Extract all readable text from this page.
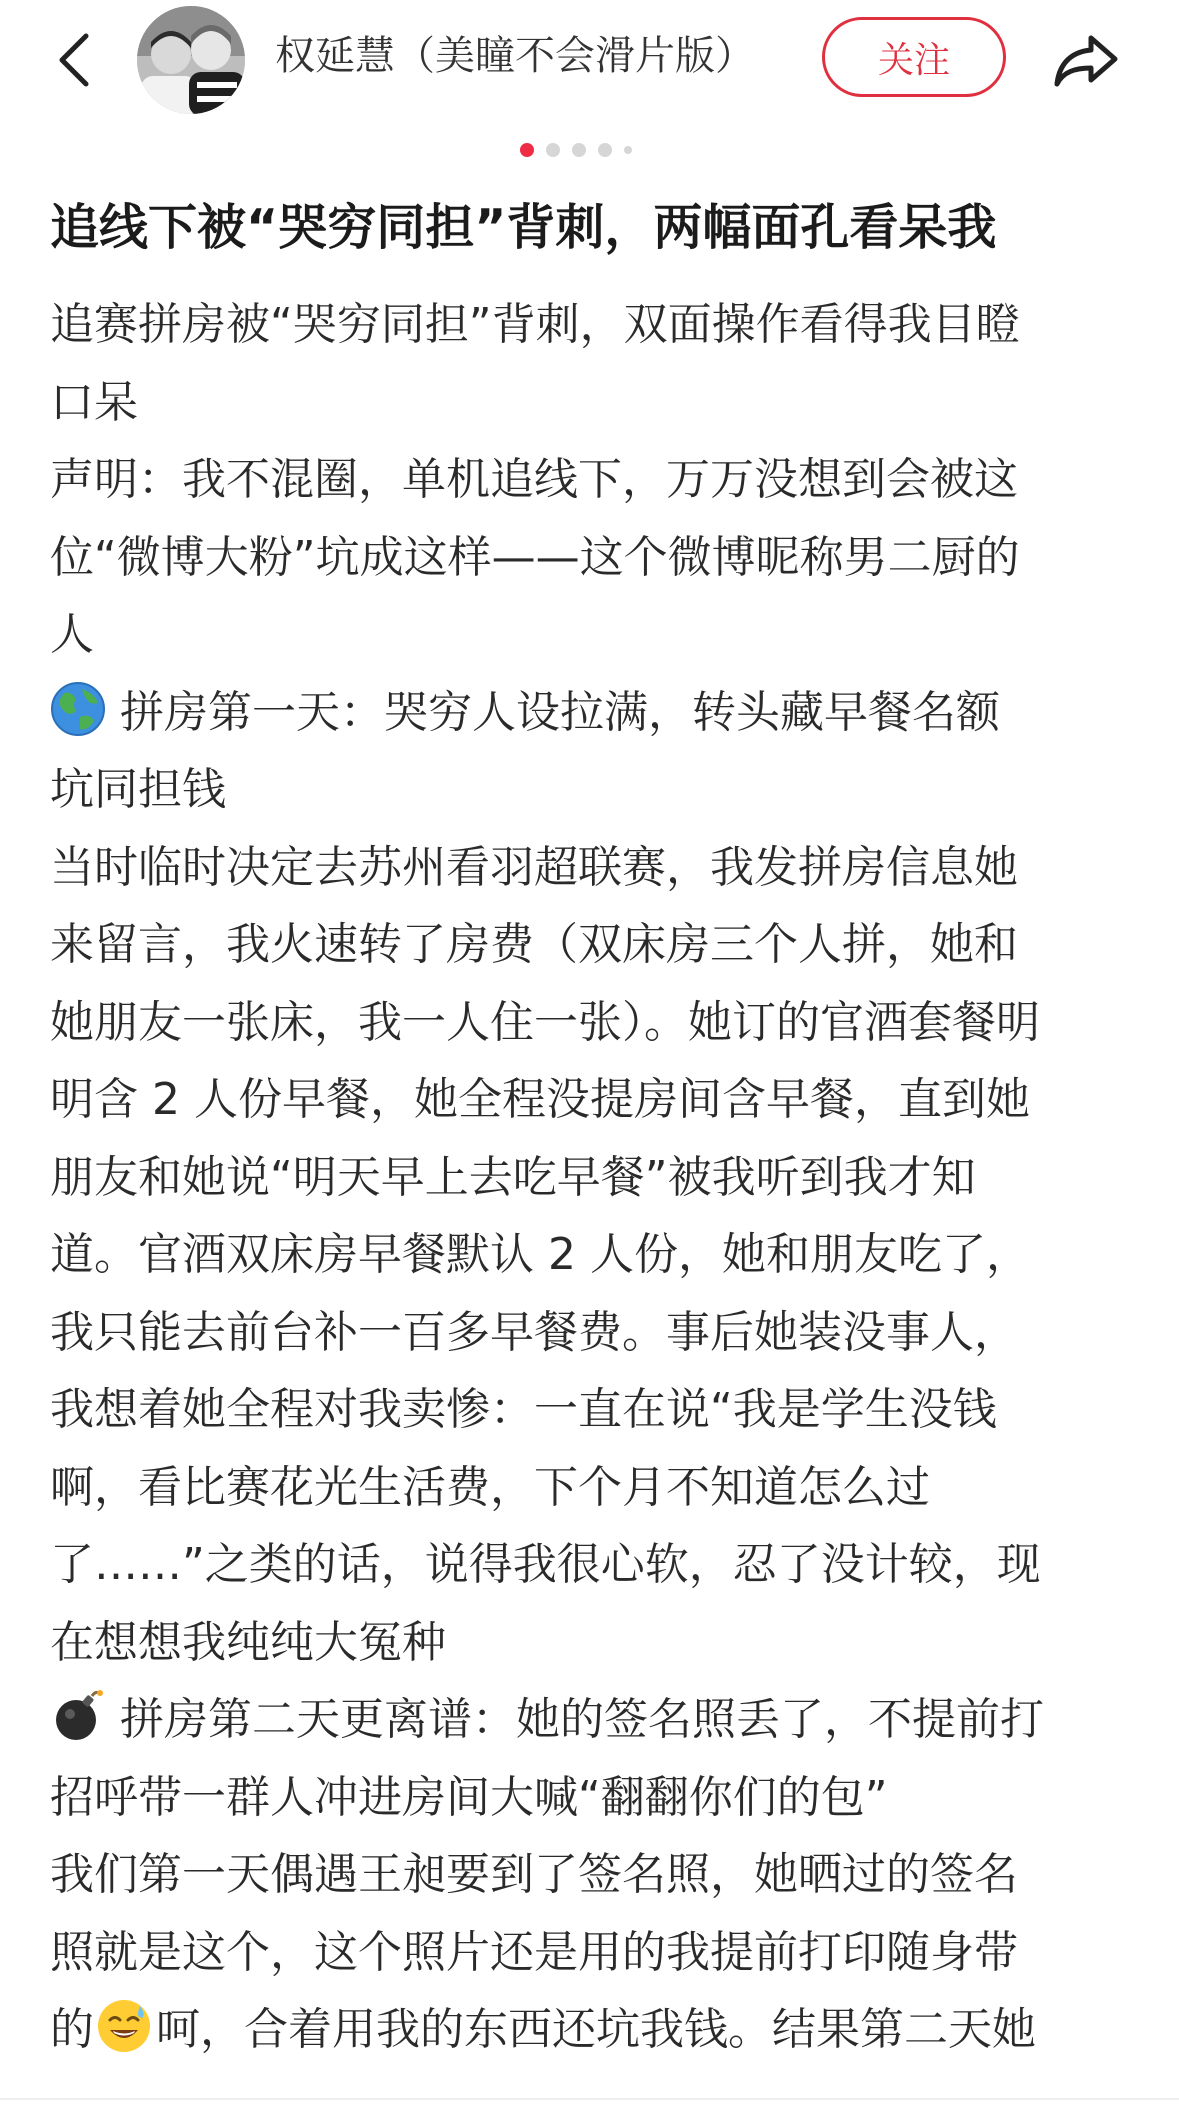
权延慧（美瞳不会滑片版）	关注
追线下被“哭穷同担”背刺，两幅面孔看呆我
追赛拼房被“哭穷同担”背刺，双面操作看得我目瞪
口呆
声明：我不混圈，单机追线下，万万没想到会被这
位“微博大粉”坑成这样——这个微博昵称男二厨的
人
拼房第一天：哭穷人设拉满，转头藏早餐名额
坑同担钱
当时临时决定去苏州看羽超联赛，我发拼房信息她
来留言，我火速转了房费（双床房三个人拼，她和
她朋友一张床，我一人住一张）。她订的官酒套餐明
明含 2 人份早餐，她全程没提房间含早餐，直到她
朋友和她说“明天早上去吃早餐”被我听到我才知
道。官酒双床房早餐默认 2 人份，她和朋友吃了，
我只能去前台补一百多早餐费。事后她装没事人，
我想着她全程对我卖惨：一直在说“我是学生没钱
啊，看比赛花光生活费，下个月不知道怎么过
了……”之类的话，说得我很心软，忍了没计较，现
在想想我纯纯大冤种
拼房第二天更离谱：她的签名照丢了，不提前打
招呼带一群人冲进房间大喊“翻翻你们的包”
我们第一天偶遇王昶要到了签名照，她晒过的签名
照就是这个，这个照片还是用的我提前打印随身带
的 呵，合着用我的东西还坑我钱。结果第二天她
